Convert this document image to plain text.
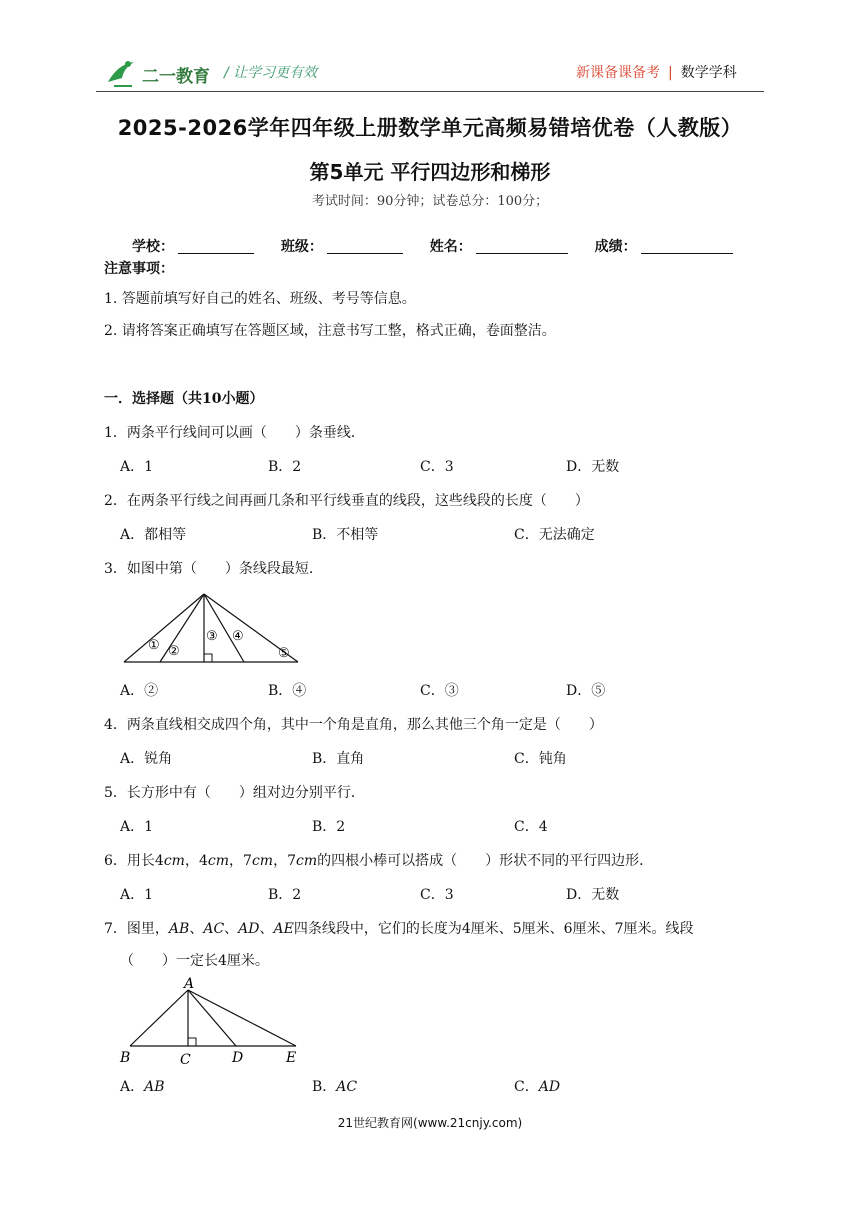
二一教育 / 让学习更有效	新课备课备考 | 数学学科
2025-2026学年四年级上册数学单元高频易错培优卷（人教版）
第5单元 平行四边形和梯形
考试时间：90分钟；试卷总分：100分；
学校：	班级：	姓名：	成绩：
注意事项：
1. 答题前填写好自己的姓名、班级、考号等信息。
2. 请将答案正确填写在答题区域，注意书写工整，格式正确，卷面整洁。
一．选择题（共10小题）
1．两条平行线间可以画（　　）条垂线．
A．1	B．2	C．3	D．无数
2．在两条平行线之间再画几条和平行线垂直的线段，这些线段的长度（　　）
A．都相等	B．不相等	C．无法确定
3．如图中第（　　）条线段最短．
① ②
③ ④
⑤
A．②	B．④	C．③	D．⑤
4．两条直线相交成四个角，其中一个角是直角，那么其他三个角一定是（　　）
A．锐角	B．直角	C．钝角
5．长方形中有（　　）组对边分别平行．
A．1	B．2	C．4
6．用长4cm，4cm，7cm，7cm的四根小棒可以搭成（　　）形状不同的平行四边形．
A．1	B．2	C．3	D．无数
7．图里，AB、AC、AD、AE四条线段中，它们的长度为4厘米、5厘米、6厘米、7厘米。线段
（　　）一定长4厘米。
A
B	C	D	E
A．AB	B．AC	C．AD
21世纪教育网(www.21cnjy.com)
